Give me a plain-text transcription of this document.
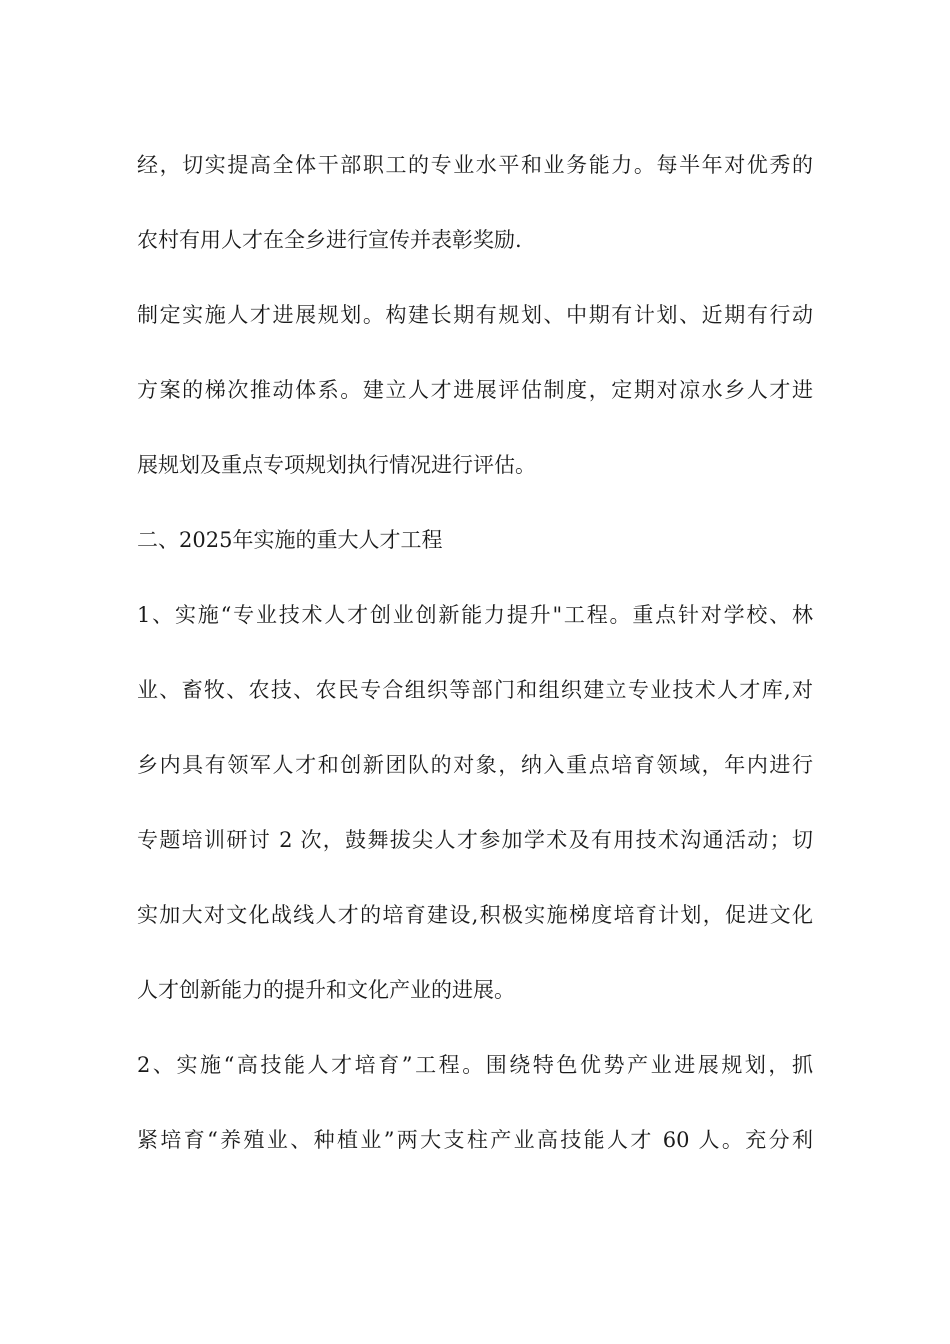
经，切实提高全体干部职工的专业水平和业务能力。每半年对优秀的
农村有用人才在全乡进行宣传并表彰奖励.
制定实施人才进展规划。构建长期有规划、中期有计划、近期有行动
方案的梯次推动体系。建立人才进展评估制度，定期对凉水乡人才进
展规划及重点专项规划执行情况进行评估。
二、2025年实施的重大人才工程
1、实施“专业技术人才创业创新能力提升"工程。重点针对学校、林
业、畜牧、农技、农民专合组织等部门和组织建立专业技术人才库,对
乡内具有领军人才和创新团队的对象，纳入重点培育领域，年内进行
专题培训研讨 2 次，鼓舞拔尖人才参加学术及有用技术沟通活动；切
实加大对文化战线人才的培育建设,积极实施梯度培育计划，促进文化
人才创新能力的提升和文化产业的进展。
2、实施“高技能人才培育”工程。围绕特色优势产业进展规划，抓
紧培育“养殖业、种植业”两大支柱产业高技能人才 60 人。充分利
